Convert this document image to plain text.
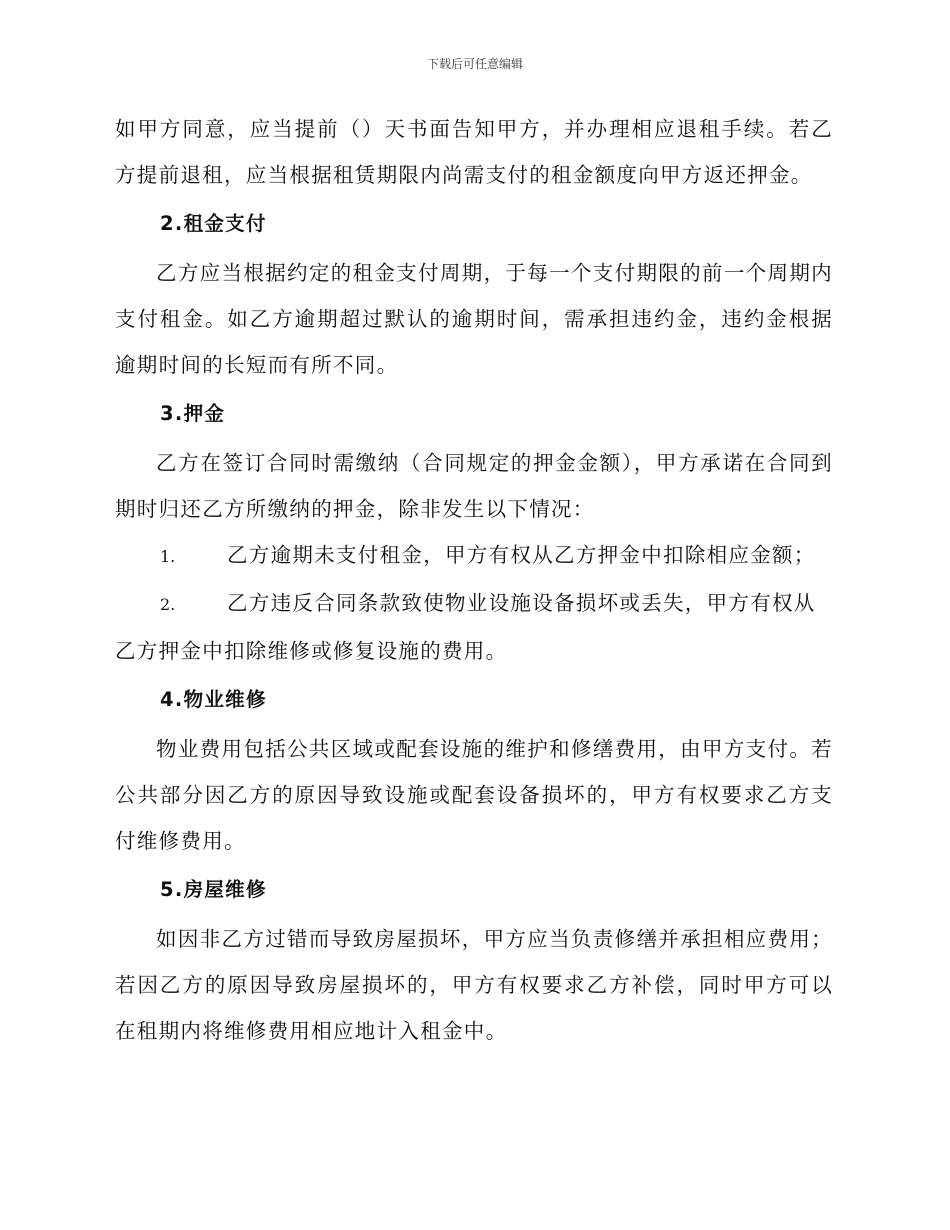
下载后可任意编辑

如甲方同意，应当提前（）天书面告知甲方，并办理相应退租手续。若乙方提前退租，应当根据租赁期限内尚需支付的租金额度向甲方返还押金。

2.租金支付

乙方应当根据约定的租金支付周期，于每一个支付期限的前一个周期内支付租金。如乙方逾期超过默认的逾期时间，需承担违约金，违约金根据逾期时间的长短而有所不同。

3.押金

乙方在签订合同时需缴纳（合同规定的押金金额），甲方承诺在合同到期时归还乙方所缴纳的押金，除非发生以下情况：

1.	乙方逾期未支付租金，甲方有权从乙方押金中扣除相应金额；

2.	乙方违反合同条款致使物业设施设备损坏或丢失，甲方有权从乙方押金中扣除维修或修复设施的费用。

4.物业维修

物业费用包括公共区域或配套设施的维护和修缮费用，由甲方支付。若公共部分因乙方的原因导致设施或配套设备损坏的，甲方有权要求乙方支付维修费用。

5.房屋维修

如因非乙方过错而导致房屋损坏，甲方应当负责修缮并承担相应费用；若因乙方的原因导致房屋损坏的，甲方有权要求乙方补偿，同时甲方可以在租期内将维修费用相应地计入租金中。
